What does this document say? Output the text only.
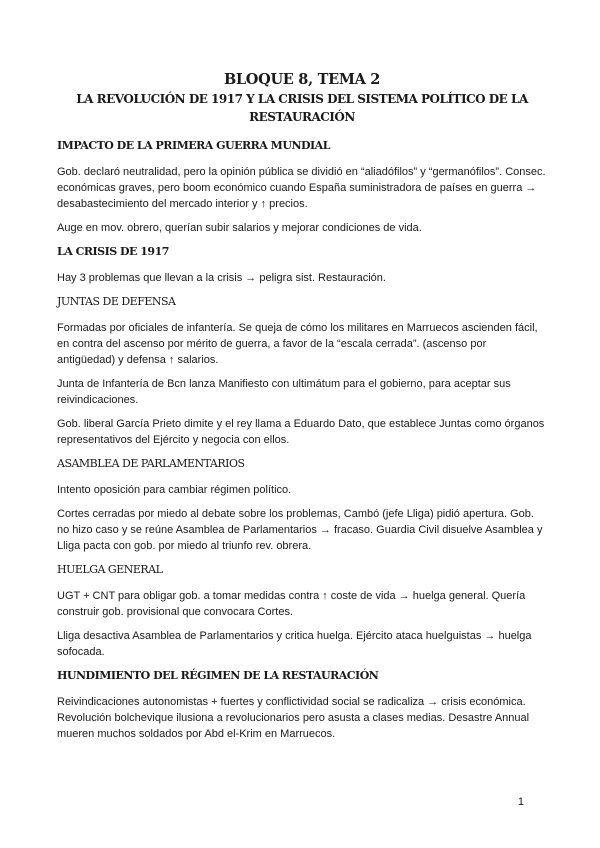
BLOQUE 8, TEMA 2
LA REVOLUCIÓN DE 1917 Y LA CRISIS DEL SISTEMA POLÍTICO DE LA RESTAURACIÓN
IMPACTO DE LA PRIMERA GUERRA MUNDIAL

Gob. declaró neutralidad, pero la opinión pública se dividió en “aliadófilos” y “germanófilos”. Consec. económicas graves, pero boom económico cuando España suministradora de países en guerra → desabastecimiento del mercado interior y ↑ precios.

Auge en mov. obrero, querían subir salarios y mejorar condiciones de vida.

LA CRISIS DE 1917

Hay 3 problemas que llevan a la crisis → peligra sist. Restauración.

JUNTAS DE DEFENSA

Formadas por oficiales de infantería. Se queja de cómo los militares en Marruecos ascienden fácil, en contra del ascenso por mérito de guerra, a favor de la “escala cerrada”. (ascenso por antigüedad) y defensa ↑ salarios.

Junta de Infantería de Bcn lanza Manifiesto con ultimátum para el gobierno, para aceptar sus reivindicaciones.

Gob. liberal García Prieto dimite y el rey llama a Eduardo Dato, que establece Juntas como órganos representativos del Ejército y negocia con ellos.

ASAMBLEA DE PARLAMENTARIOS

Intento oposición para cambiar régimen político.

Cortes cerradas por miedo al debate sobre los problemas, Cambó (jefe Lliga) pidió apertura. Gob. no hizo caso y se reúne Asamblea de Parlamentarios → fracaso. Guardia Civil disuelve Asamblea y Lliga pacta con gob. por miedo al triunfo rev. obrera.

HUELGA GENERAL

UGT + CNT para obligar gob. a tomar medidas contra ↑ coste de vida → huelga general. Quería construir gob. provisional que convocara Cortes.

Lliga desactiva Asamblea de Parlamentarios y critica huelga. Ejército ataca huelguistas → huelga sofocada.

HUNDIMIENTO DEL RÉGIMEN DE LA RESTAURACIÓN

Reivindicaciones autonomistas + fuertes y conflictividad social se radicaliza → crisis económica. Revolución bolchevique ilusiona a revolucionarios pero asusta a clases medias. Desastre Annual mueren muchos soldados por Abd el-Krim en Marruecos.

1
